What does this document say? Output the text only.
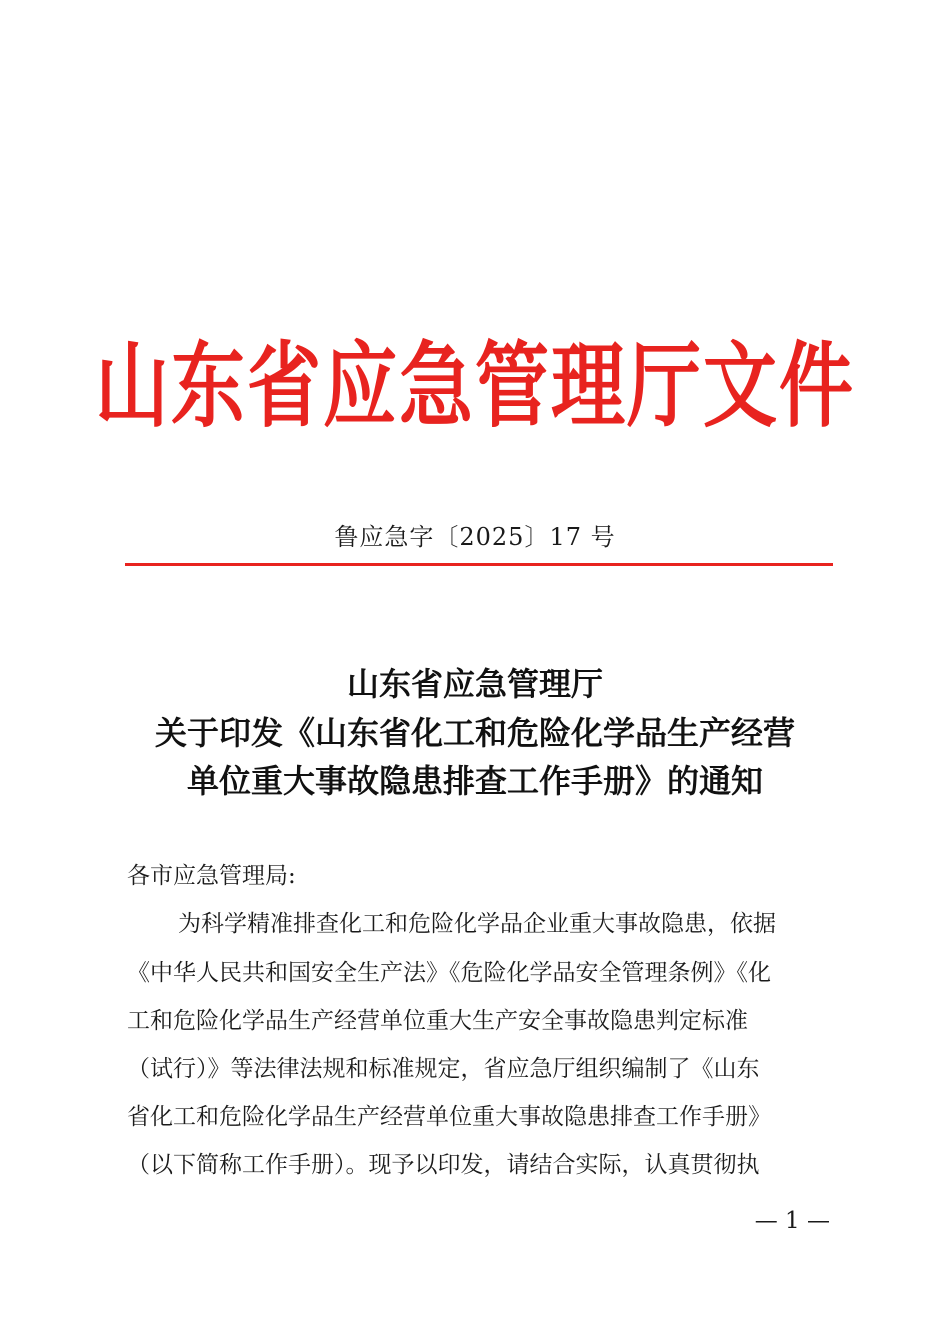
山东省应急管理厅文件
鲁应急字〔2025〕17 号
山东省应急管理厅
关于印发《山东省化工和危险化学品生产经营
单位重大事故隐患排查工作手册》的通知
各市应急管理局:
为科学精准排查化工和危险化学品企业重大事故隐患，依据
《中华人民共和国安全生产法》《危险化学品安全管理条例》《化
工和危险化学品生产经营单位重大生产安全事故隐患判定标准
（试行）》等法律法规和标准规定，省应急厅组织编制了《山东
省化工和危险化学品生产经营单位重大事故隐患排查工作手册》
（以下简称工作手册）。现予以印发，请结合实际，认真贯彻执
— 1 —
